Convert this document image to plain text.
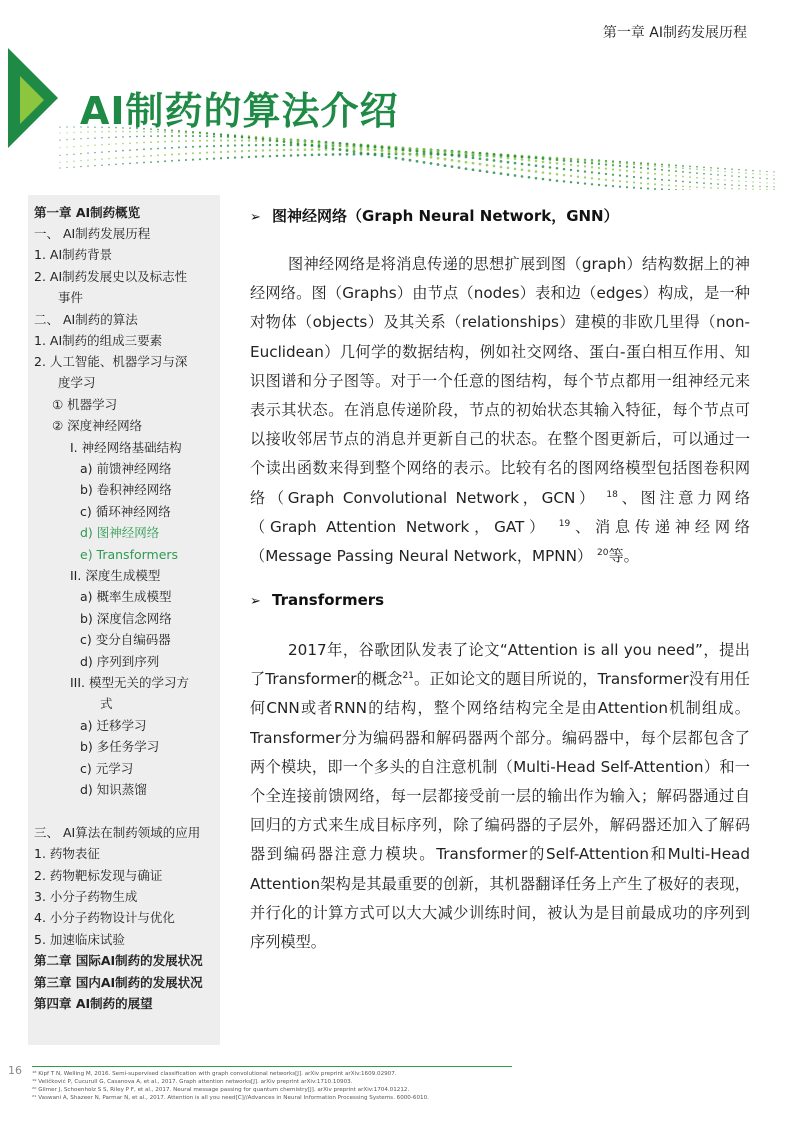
第一章 AI制药发展历程
AI制药的算法介绍
第一章 AI制药概览
一、 AI制药发展历程
1. AI制药背景
2. AI制药发展史以及标志性
事件
二、 AI制药的算法
1. AI制药的组成三要素
2. 人工智能、机器学习与深
度学习
① 机器学习
② 深度神经网络
I. 神经网络基础结构
a) 前馈神经网络
b) 卷积神经网络
c) 循环神经网络
d) 图神经网络
e) Transformers
II. 深度生成模型
a) 概率生成模型
b) 深度信念网络
c) 变分自编码器
d) 序列到序列
III. 模型无关的学习方
式
a) 迁移学习
b) 多任务学习
c) 元学习
d) 知识蒸馏
三、 AI算法在制药领域的应用
1. 药物表征
2. 药物靶标发现与确证
3. 小分子药物生成
4. 小分子药物设计与优化
5. 加速临床试验
第二章 国际AI制药的发展状况
第三章 国内AI制药的发展状况
第四章 AI制药的展望
➢ 图神经网络（Graph Neural Network，GNN）

图神经网络是将消息传递的思想扩展到图（graph）结构数据上的神经网络。图（Graphs）由节点（nodes）表和边（edges）构成，是一种对物体（objects）及其关系（relationships）建模的非欧几里得（non-Euclidean）几何学的数据结构，例如社交网络、蛋白-蛋白相互作用、知识图谱和分子图等。对于一个任意的图结构，每个节点都用一组神经元来表示其状态。在消息传递阶段，节点的初始状态其输入特征，每个节点可以接收邻居节点的消息并更新自己的状态。在整个图更新后，可以通过一个读出函数来得到整个网络的表示。比较有名的图网络模型包括图卷积网络（Graph Convolutional Network，GCN） $^{18}$、图注意力网络（Graph Attention Network，GAT） $^{19}$、消息传递神经网络（Message Passing Neural Network，MPNN） $^{20}$等。

➢ Transformers

2017年，谷歌团队发表了论文“Attention is all you need”，提出了Transformer的概念$^{21}$。正如论文的题目所说的，Transformer没有用任何CNN或者RNN的结构，整个网络结构完全是由Attention机制组成。Transformer分为编码器和解码器两个部分。编码器中，每个层都包含了两个模块，即一个多头的自注意机制（Multi-Head Self-Attention）和一个全连接前馈网络，每一层都接受前一层的输出作为输入；解码器通过自回归的方式来生成目标序列，除了编码器的子层外，解码器还加入了解码器到编码器注意力模块。Transformer的Self-Attention和Multi-Head Attention架构是其最重要的创新，其机器翻译任务上产生了极好的表现，并行化的计算方式可以大大减少训练时间，被认为是目前最成功的序列到序列模型。

16 ¹⁸ Kipf T N, Welling M, 2016. Semi-supervised classification with graph convolutional networks[J]. arXiv preprint arXiv:1609.02907.
¹⁹ Veličković P, Cucurull G, Casanova A, et al., 2017. Graph attention networks[J]. arXiv preprint arXiv:1710.10903.
²⁰ Gilmer J, Schoenholz S S, Riley P F, et al., 2017. Neural message passing for quantum chemistry[J]. arXiv preprint arXiv:1704.01212.
²¹ Vaswani A, Shazeer N, Parmar N, et al., 2017. Attention is all you need[C]//Advances in Neural Information Processing Systems. 6000-6010.
